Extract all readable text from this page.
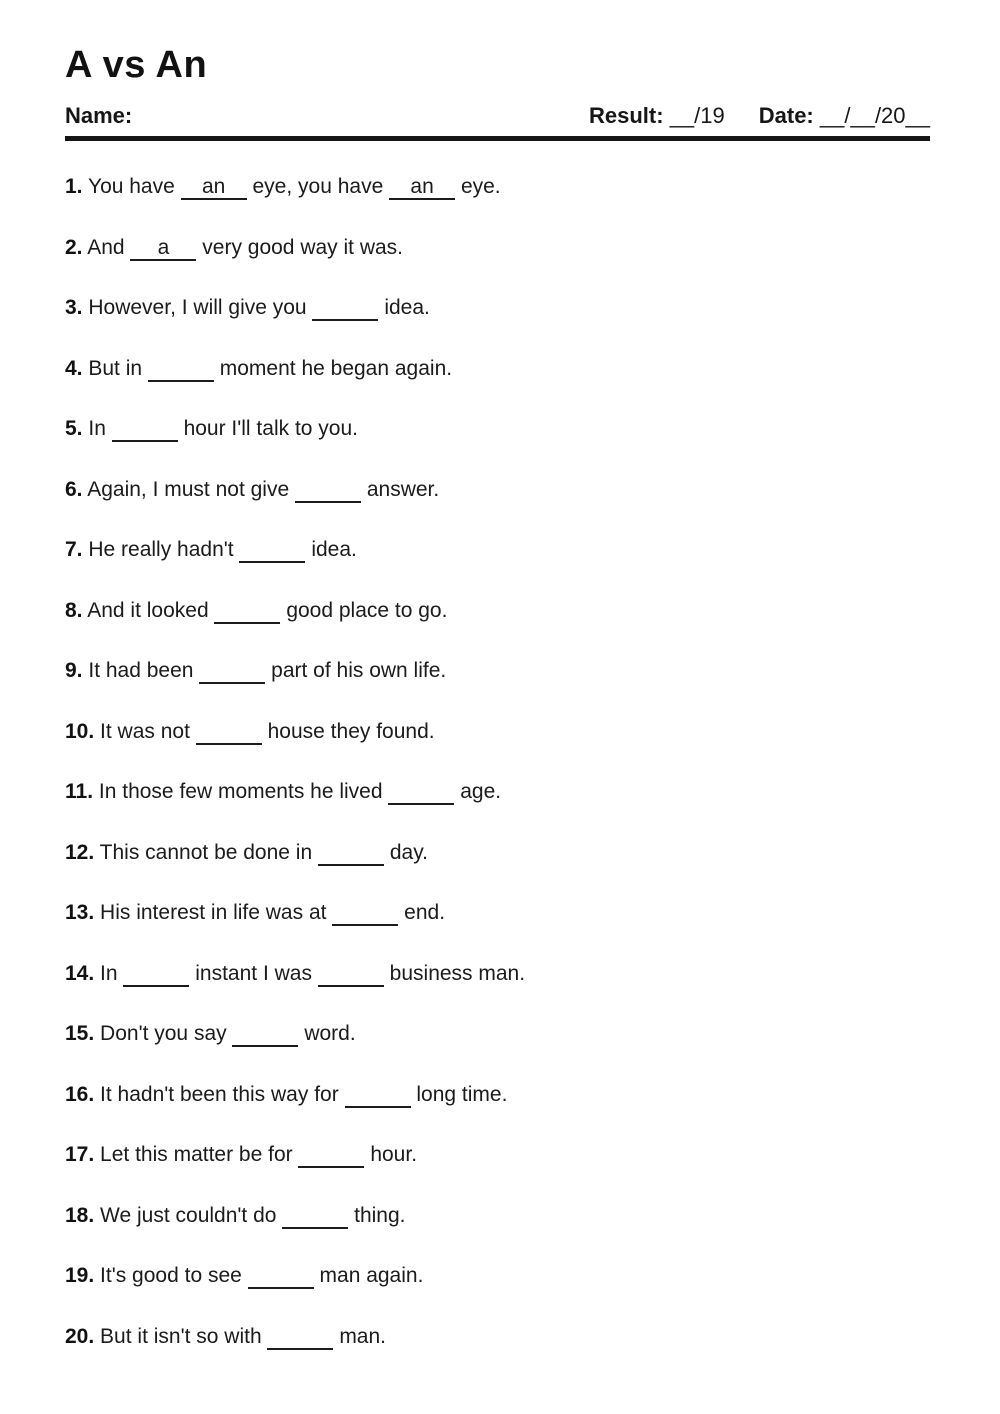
A vs An
Name:	Result: __/19 Date: __/__/20__

1. You have an eye, you have an eye.

2. And a very good way it was.

3. However, I will give you	idea.

4. But in	moment he began again.

5. In	hour I'll talk to you.

6. Again, I must not give	answer.

7. He really hadn't	idea.

8. And it looked	good place to go.

9. It had been	part of his own life.

10. It was not	house they found.

11. In those few moments he lived	age.

12. This cannot be done in	day.

13. His interest in life was at	end.

14. In	instant I was	business man.

15. Don't you say	word.

16. It hadn't been this way for	long time.

17. Let this matter be for	hour.

18. We just couldn't do	thing.

19. It's good to see	man again.

20. But it isn't so with	man.
